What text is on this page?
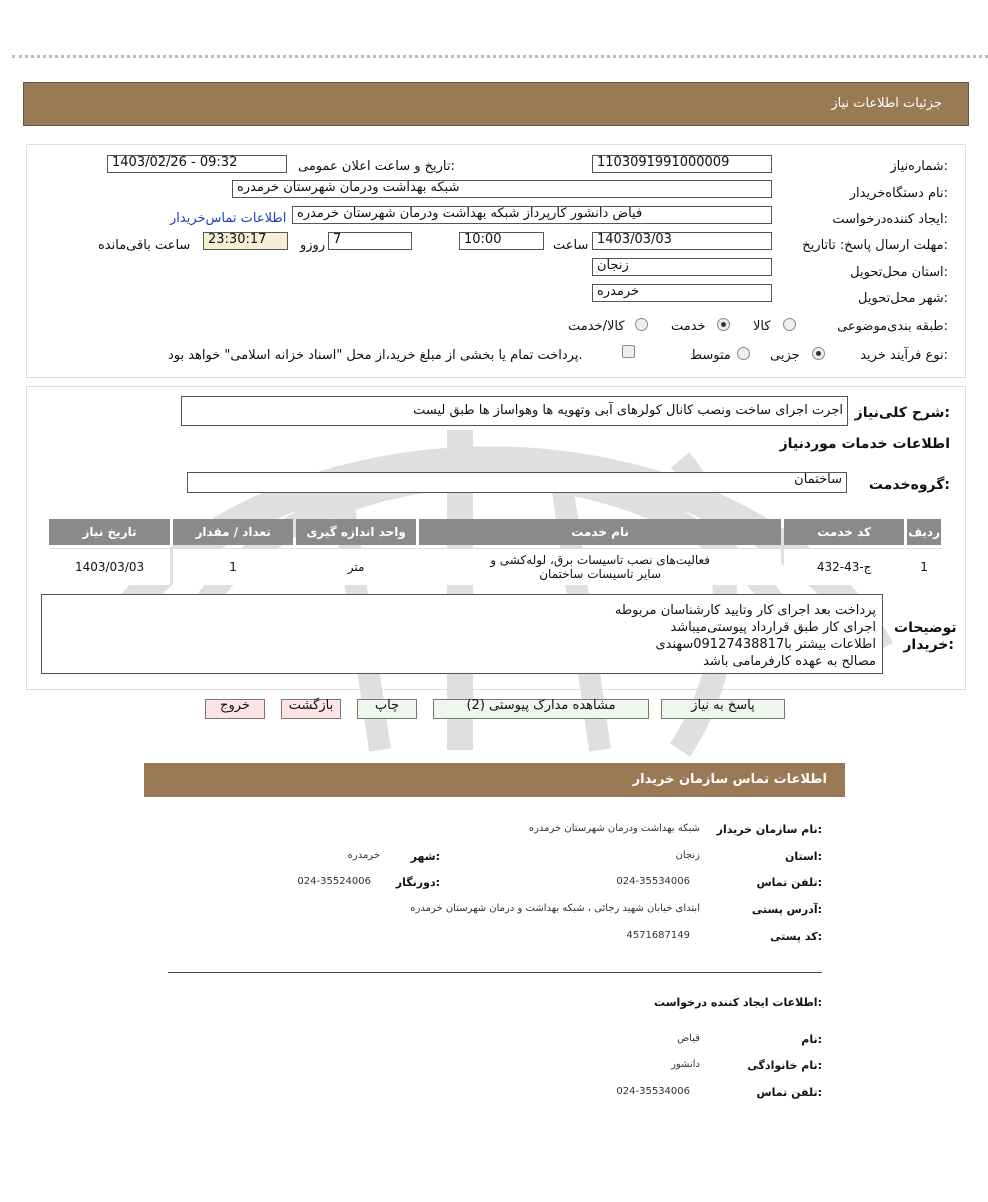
جزئیات اطلاعات نیاز
شماره‌نیاز:
1103091991000009
تاریخ و ساعت اعلان عمومی:
1403/02/26 - 09:32
نام دستگاه‌خریدار:
شبکه بهداشت ودرمان شهرستان خرمدره
ایجاد کننده‌درخواست:
فیاض دانشور کارپرداز شبکه بهداشت ودرمان شهرستان خرمدره
اطلاعات تماس‌خریدار
مهلت ارسال پاسخ: تاتاریخ:
1403/03/03
ساعت
10:00
7
روزو
23:30:17
ساعت باقی‌مانده
استان محل‌تحویل:
زنجان
شهر محل‌تحویل:
خرمدره
طبقه بندی‌موضوعی:
کالا
خدمت
کالا/خدمت
نوع فرآیند خرید:
جزیی
متوسط
پرداخت تمام یا بخشی از مبلغ خرید،از محل "اسناد خزانه اسلامی" خواهد بود.
شرح کلی‌نیاز:
اجرت اجرای ساخت ونصب کانال کولرهای آبی وتهویه ها وهواساز ها طبق لیست
اطلاعات خدمات موردنیاز
گروه‌خدمت:
ساختمان
ردیف	کد خدمت	نام خدمت	واحد اندازه گیری	تعداد / مقدار	تاریخ نیاز
1	ج-43-432	فعالیت‌های نصب تاسیسات برق، لوله‌کشی و سایر تاسیسات ساختمان	متر	1	1403/03/03
توضیحات خریدار:
پرداخت بعد اجرای کار وتایید کارشناسان مربوطه
اجرای کار طبق قرارداد پیوستی‌میباشد
اطلاعات بیشتر با09127438817سهندی
مصالح به عهده کارفرمامی باشد
پاسخ به نیاز
مشاهده مدارک پیوستی (2)
چاپ
بازگشت
خروج
اطلاعات تماس سازمان خریدار
نام سازمان خریدار:
شبکه بهداشت ودرمان شهرستان خرمدره
استان:
زنجان
شهر:
خرمدره
تلفن تماس:
024-35534006
دورنگار:
024-35524006
آدرس پستی:
ابتدای خیابان شهید رجائی ، شبکه بهداشت و درمان شهرستان خرمدره
کد پستی:
4571687149
اطلاعات ایجاد کننده درخواست:
نام:
فیاض
نام خانوادگی:
دانشور
تلفن تماس:
024-35534006
